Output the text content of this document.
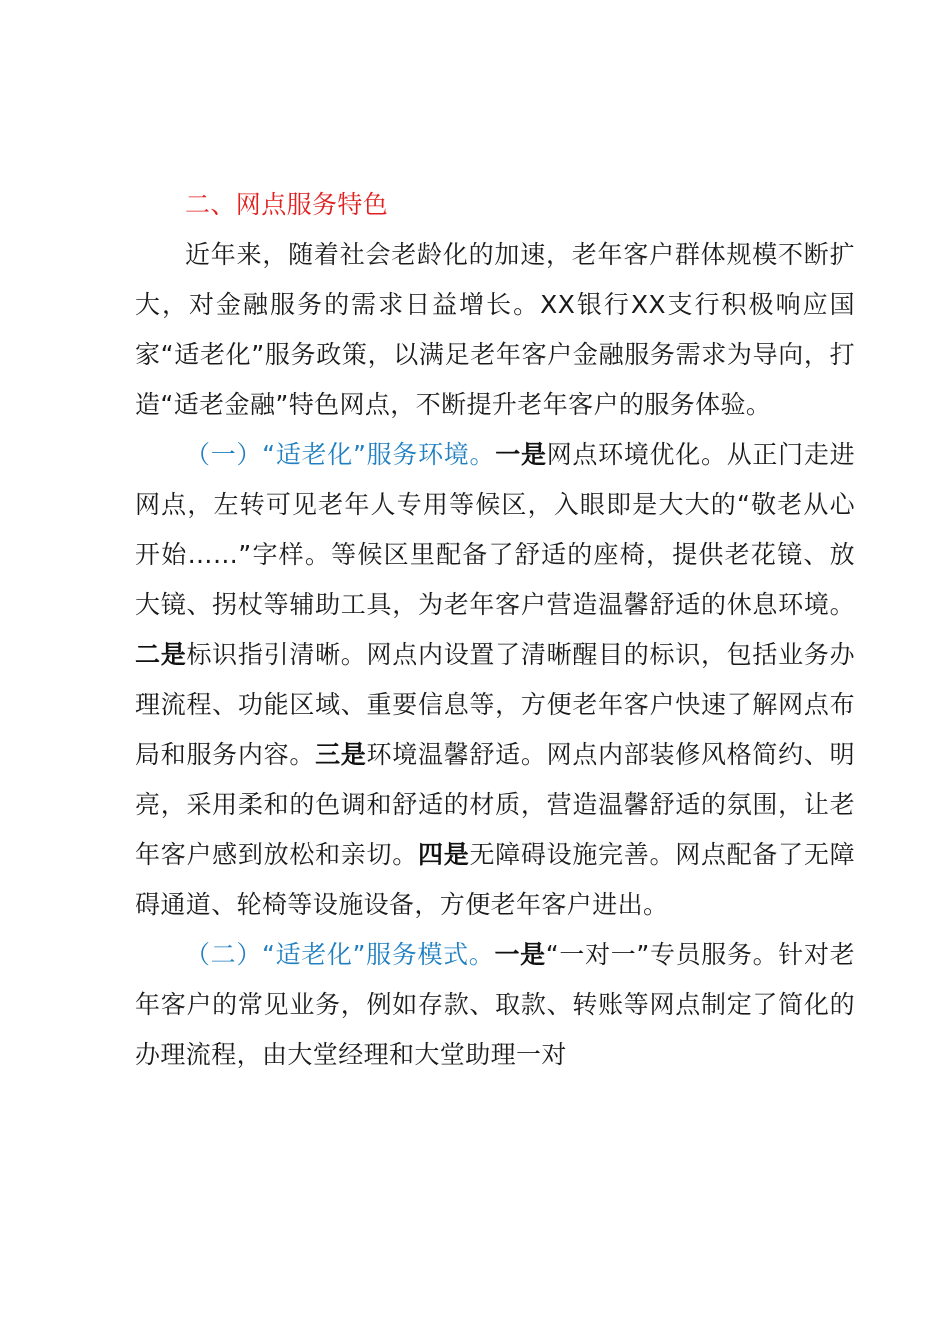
二、网点服务特色

近年来，随着社会老龄化的加速，老年客户群体规模不断扩大，对金融服务的需求日益增长。XX银行XX支行积极响应国家“适老化”服务政策，以满足老年客户金融服务需求为导向，打造“适老金融”特色网点，不断提升老年客户的服务体验。

（一）“适老化”服务环境。一是网点环境优化。从正门走进网点，左转可见老年人专用等候区，入眼即是大大的“敬老从心开始……”字样。等候区里配备了舒适的座椅，提供老花镜、放大镜、拐杖等辅助工具，为老年客户营造温馨舒适的休息环境。二是标识指引清晰。网点内设置了清晰醒目的标识，包括业务办理流程、功能区域、重要信息等，方便老年客户快速了解网点布局和服务内容。三是环境温馨舒适。网点内部装修风格简约、明亮，采用柔和的色调和舒适的材质，营造温馨舒适的氛围，让老年客户感到放松和亲切。四是无障碍设施完善。网点配备了无障碍通道、轮椅等设施设备，方便老年客户进出。

（二）“适老化”服务模式。一是“一对一”专员服务。针对老年客户的常见业务，例如存款、取款、转账等网点制定了简化的办理流程，由大堂经理和大堂助理一对
